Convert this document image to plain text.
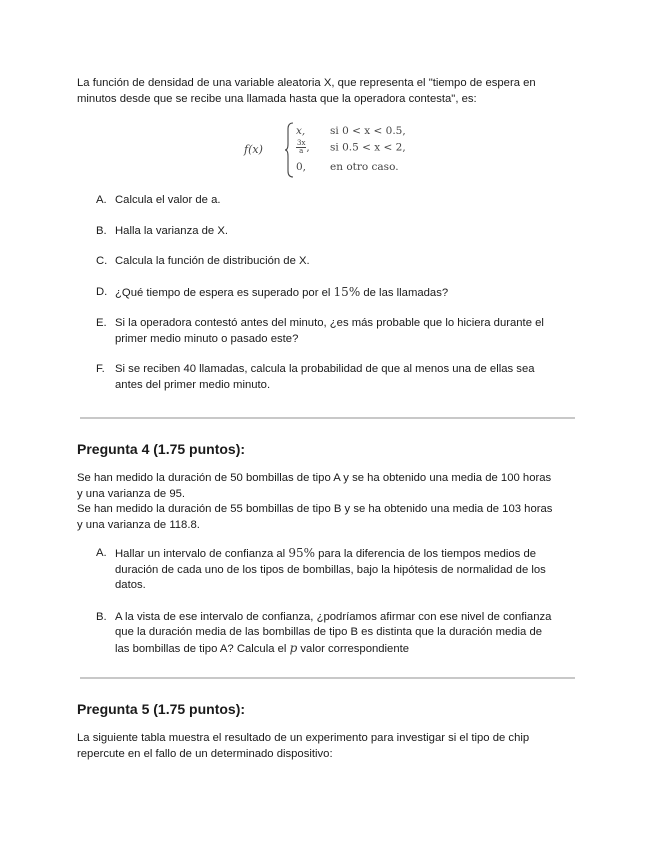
La función de densidad de una variable aleatoria X, que representa el "tiempo de espera en
minutos desde que se recibe una llamada hasta que la operadora contesta", es:

f(x)
x, si 0 < x < 0.5,
$\frac{3x}{a}$ , si 0.5 < x < 2,
0, en otro caso.
A. Calcula el valor de a.
B. Halla la varianza de X.
C. Calcula la función de distribución de X.
D. ¿Qué tiempo de espera es superado por el 15% de las llamadas?
E. Si la operadora contestó antes del minuto, ¿es más probable que lo hiciera durante el
primer medio minuto o pasado este?
F. Si se reciben 40 llamadas, calcula la probabilidad de que al menos una de ellas sea
antes del primer medio minuto.
Pregunta 4 (1.75 puntos):

Se han medido la duración de 50 bombillas de tipo A y se ha obtenido una media de 100 horas
y una varianza de 95.
Se han medido la duración de 55 bombillas de tipo B y se ha obtenido una media de 103 horas
y una varianza de 118.8.

A. Hallar un intervalo de confianza al 95% para la diferencia de los tiempos medios de
duración de cada uno de los tipos de bombillas, bajo la hipótesis de normalidad de los
datos.
B. A la vista de ese intervalo de confianza, ¿podríamos afirmar con ese nivel de confianza
que la duración media de las bombillas de tipo B es distinta que la duración media de
las bombillas de tipo A? Calcula el p valor correspondiente
Pregunta 5 (1.75 puntos):

La siguiente tabla muestra el resultado de un experimento para investigar si el tipo de chip
repercute en el fallo de un determinado dispositivo:
